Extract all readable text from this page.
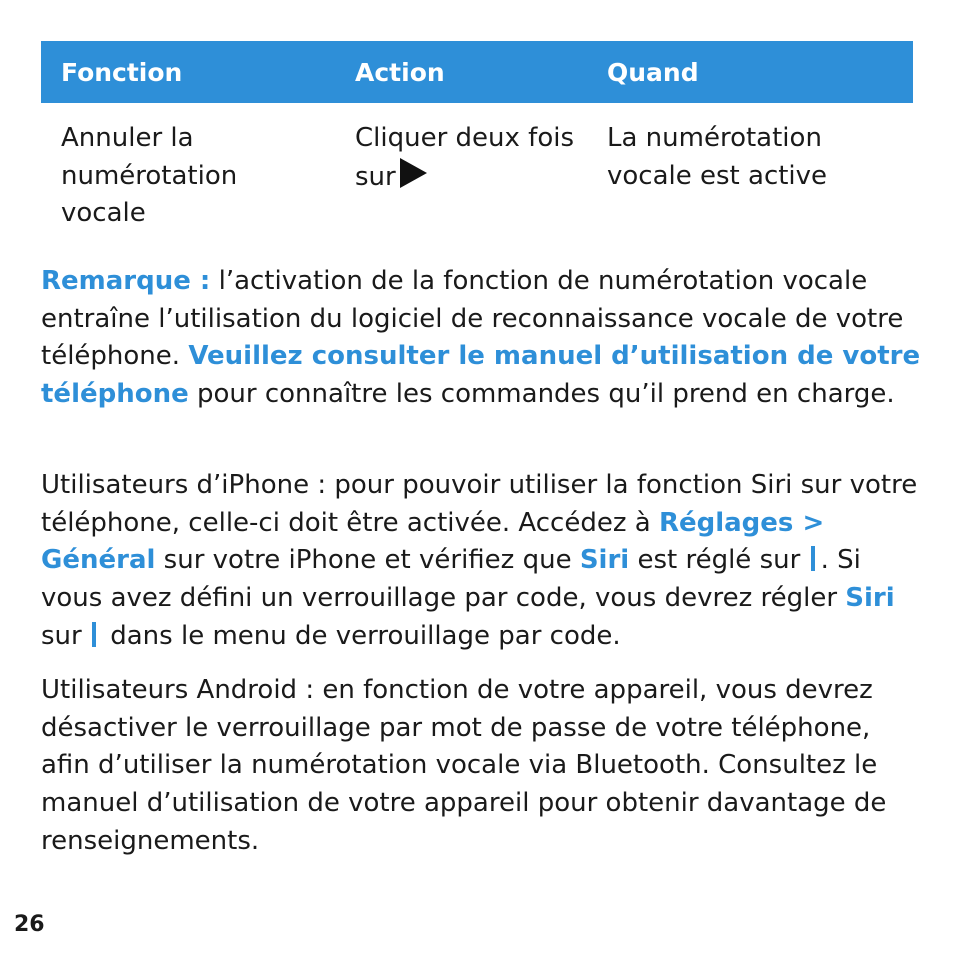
Fonction	Action	Quand
Annuler la numérotation vocale
Cliquer deux fois sur
La numérotation vocale est active
Remarque : l’activation de la fonction de numérotation vocale entraîne l’utilisation du logiciel de reconnaissance vocale de votre téléphone. Veuillez consulter le manuel d’utilisation de votre téléphone pour connaître les commandes qu’il prend en charge.
Utilisateurs d’iPhone : pour pouvoir utiliser la fonction Siri sur votre téléphone, celle-ci doit être activée. Accédez à Réglages > Général sur votre iPhone et vérifiez que Siri est réglé sur . Si vous avez défini un verrouillage par code, vous devrez régler Siri sur  dans le menu de verrouillage par code.
Utilisateurs Android : en fonction de votre appareil, vous devrez désactiver le verrouillage par mot de passe de votre téléphone, afin d’utiliser la numérotation vocale via Bluetooth. Consultez le manuel d’utilisation de votre appareil pour obtenir davantage de renseignements.
26
